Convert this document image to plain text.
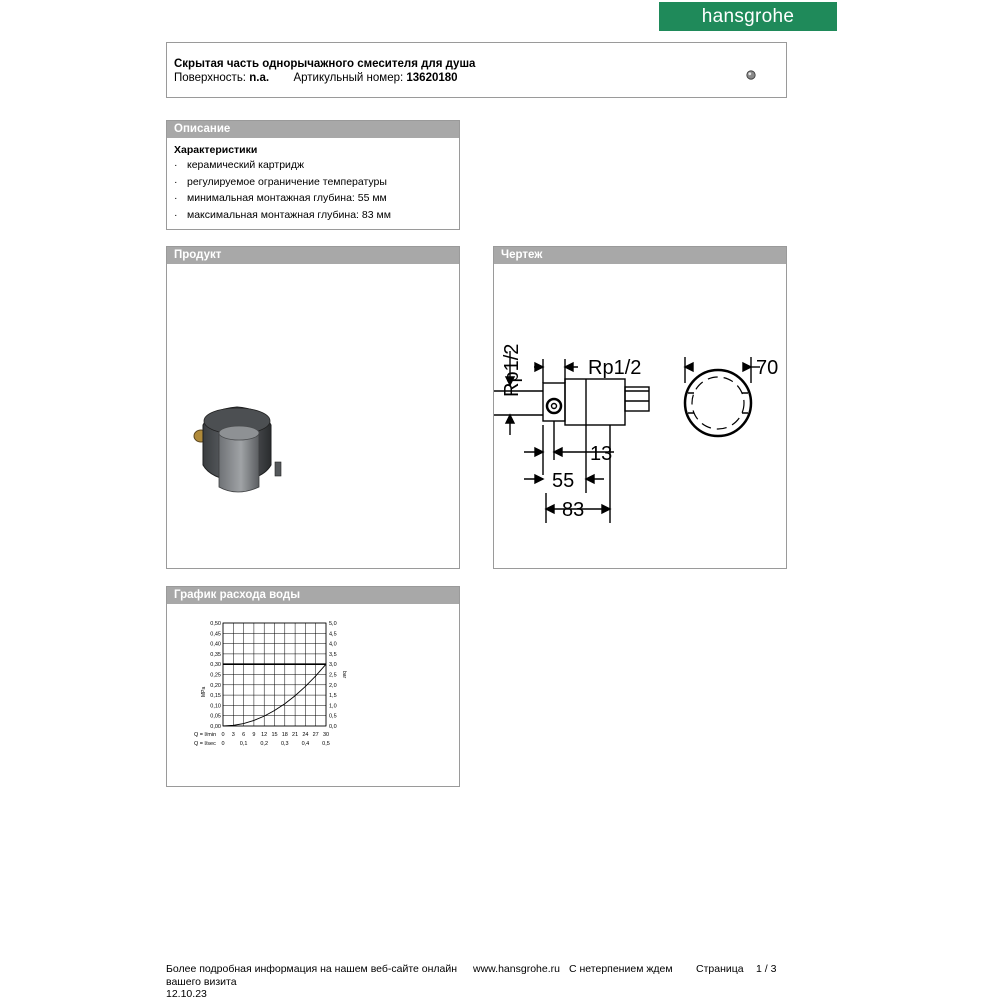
hansgrohe
Скрытая часть однорычажного смесителя для душа
Поверхность: n.a. Артикульный номер: 13620180
Описание
Характеристики
· керамический картридж
· регулируемое ограничение температуры
· минимальная монтажная глубина: 55 мм
· максимальная монтажная глубина: 83 мм
Продукт	Чертеж
Rp1/2	Rp1/2	70
13
55
83
График расхода воды
0,50
0,45
0,40
0,35
0,30
0,25
0,20
0,15
0,10
0,05
0,00
5,0
4,5
4,0
3,5
3,0
2,5
2,0
1,5
1,0
0,5
0,0
MPa
bar
Q = l/min 0 3 6 9 12 15 18 21 24 27 30
Q = l/sec 0	0,1 0,2 0,3 0,4 0,5
Более подробная информация на нашем веб-сайте онлайн	www.hansgrohe.ru С нетерпением ждем	Страница	1 / 3
вашего визита
12.10.23
